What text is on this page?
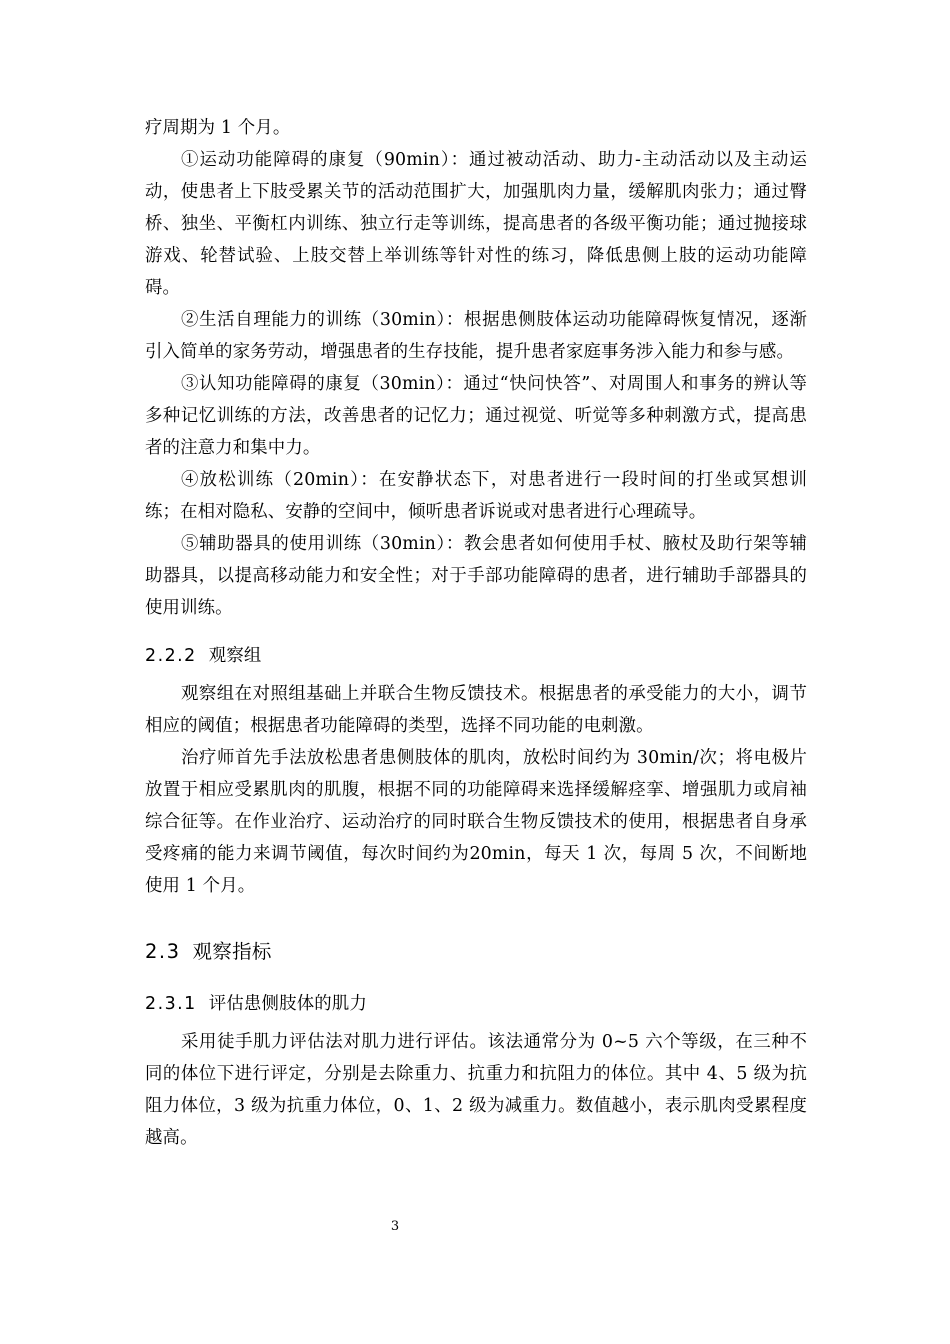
疗周期为 1 个月。

①运动功能障碍的康复（90min）：通过被动活动、助力-主动活动以及主动运动，使患者上下肢受累关节的活动范围扩大，加强肌肉力量，缓解肌肉张力；通过臀桥、独坐、平衡杠内训练、独立行走等训练，提高患者的各级平衡功能；通过抛接球游戏、轮替试验、上肢交替上举训练等针对性的练习，降低患侧上肢的运动功能障碍。

②生活自理能力的训练（30min）：根据患侧肢体运动功能障碍恢复情况，逐渐引入简单的家务劳动，增强患者的生存技能，提升患者家庭事务涉入能力和参与感。

③认知功能障碍的康复（30min）：通过“快问快答”、对周围人和事务的辨认等多种记忆训练的方法，改善患者的记忆力；通过视觉、听觉等多种刺激方式，提高患者的注意力和集中力。

④放松训练（20min）：在安静状态下，对患者进行一段时间的打坐或冥想训练；在相对隐私、安静的空间中，倾听患者诉说或对患者进行心理疏导。

⑤辅助器具的使用训练（30min）：教会患者如何使用手杖、腋杖及助行架等辅助器具，以提高移动能力和安全性；对于手部功能障碍的患者，进行辅助手部器具的使用训练。

2.2.2 观察组

观察组在对照组基础上并联合生物反馈技术。根据患者的承受能力的大小，调节相应的阈值；根据患者功能障碍的类型，选择不同功能的电刺激。

治疗师首先手法放松患者患侧肢体的肌肉，放松时间约为 30min/次；将电极片放置于相应受累肌肉的肌腹，根据不同的功能障碍来选择缓解痉挛、增强肌力或肩袖综合征等。在作业治疗、运动治疗的同时联合生物反馈技术的使用，根据患者自身承受疼痛的能力来调节阈值，每次时间约为20min，每天 1 次，每周 5 次，不间断地使用 1 个月。

2.3 观察指标
2.3.1 评估患侧肢体的肌力

采用徒手肌力评估法对肌力进行评估。该法通常分为 0~5 六个等级，在三种不同的体位下进行评定，分别是去除重力、抗重力和抗阻力的体位。其中 4、5 级为抗阻力体位，3 级为抗重力体位，0、1、2 级为减重力。数值越小，表示肌肉受累程度越高。

3
